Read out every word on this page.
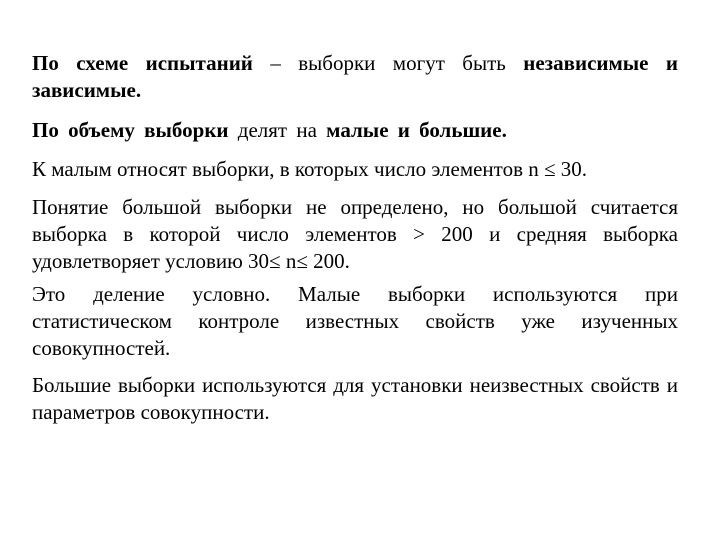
По схеме испытаний – выборки могут быть независимые и зависимые.

По объему выборки делят на малые и большие.

К малым относят выборки, в которых число элементов n ≤ 30.

Понятие большой выборки не определено, но большой считается выборка в которой число элементов > 200 и средняя выборка удовлетворяет условию 30≤ n≤ 200.

Это деление условно. Малые выборки используются при статистическом контроле известных свойств уже изученных совокупностей.

Большие выборки используются для установки неизвестных свойств и параметров совокупности.
